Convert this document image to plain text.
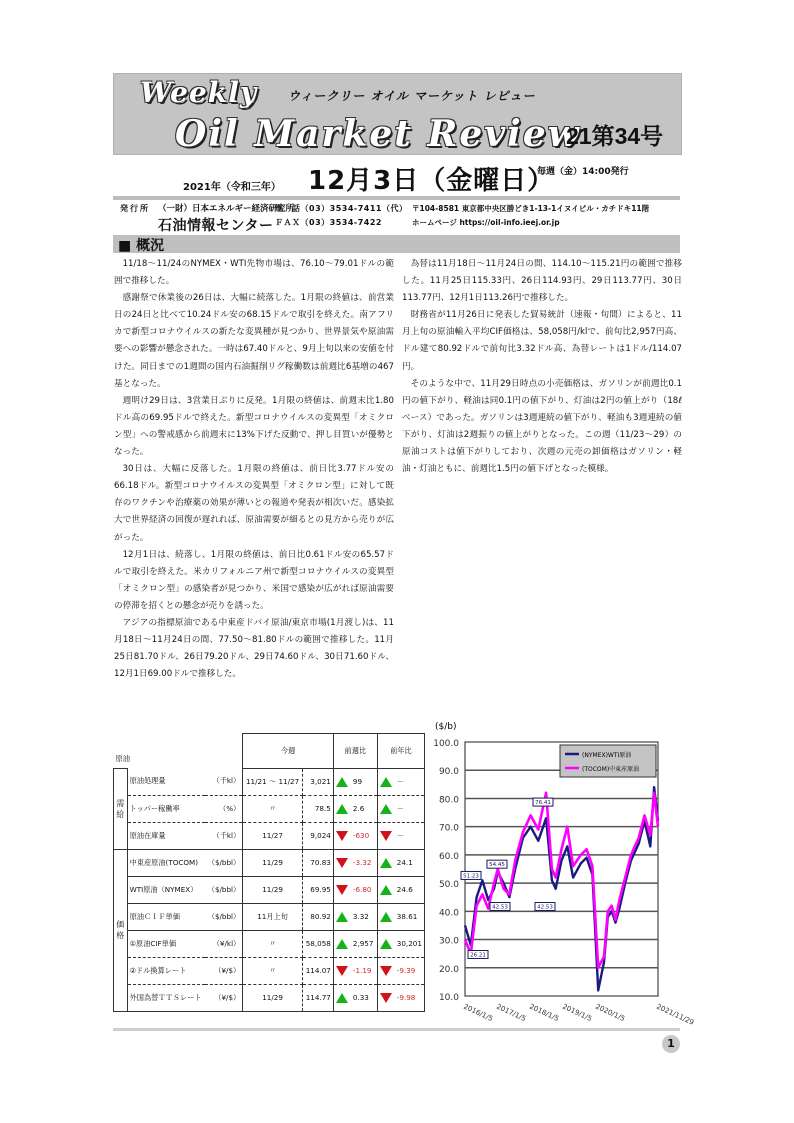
Weekly	ウィークリー オイル マーケット レビュー
Oil Market Review
21第34号
2021年（令和三年） 12月3日（金曜日）
毎週（金）14:00発行
発行所 （一財）日本エネルギー経済研究所
石油情報センター
電　話（03）3534-7411（代）
ＦＡＸ（03）3534-7422
〒104-8581 東京都中央区勝どき1-13-1イヌイビル・カチドキ11階
ホームページ https://oil-info.ieej.or.jp
■ 概況

11/18～11/24のNYMEX・WTI先物市場は、76.10～79.01ドルの範囲で推移した。

感謝祭で休業後の26日は、大幅に続落した。1月限の終値は、前営業日の24日と比べて10.24ドル安の68.15ドルで取引を終えた。南アフリカで新型コロナウイルスの新たな変異種が見つかり、世界景気や原油需要への影響が懸念された。一時は67.40ドルと、9月上旬以来の安値を付けた。同日までの1週間の国内石油掘削リグ稼働数は前週比6基増の467基となった。

週明け29日は、3営業日ぶりに反発。1月限の終値は、前週末比1.80ドル高の69.95ドルで終えた。新型コロナウイルスの変異型「オミクロン型」への警戒感から前週末に13%下げた反動で、押し目買いが優勢となった。

30日は、大幅に反落した。1月限の終値は、前日比3.77ドル安の66.18ドル。新型コロナウイルスの変異型「オミクロン型」に対して既存のワクチンや治療薬の効果が薄いとの報道や発表が相次いだ。感染拡大で世界経済の回復が遅れれば、原油需要が細るとの見方から売りが広がった。

12月1日は、続落し、1月限の終値は、前日比0.61ドル安の65.57ドルで取引を終えた。米カリフォルニア州で新型コロナウイルスの変異型「オミクロン型」の感染者が見つかり、米国で感染が広がれば原油需要の停滞を招くとの懸念が売りを誘った。

アジアの指標原油である中東産ドバイ原油/東京市場(1月渡し)は、11月18日～11月24日の間、77.50～81.80ドルの範囲で推移した。11月25日81.70ドル、26日79.20ドル、29日74.60ドル、30日71.60ドル、12月1日69.00ドルで推移した。

為替は11月18日～11月24日の間、114.10～115.21円の範囲で推移した。11月25日115.33円、26日114.93円、29日113.77円、30日113.77円、12月1日113.26円で推移した。

財務省が11月26日に発表した貿易統計（速報・旬間）によると、11月上旬の原油輸入平均CIF価格は、58,058円/klで、前旬比2,957円高、ドル建て80.92ドルで前旬比3.32ドル高、為替レートは1ドル/114.07円。

そのような中で、11月29日時点の小売価格は、ガソリンが前週比0.1円の値下がり、軽油は同0.1円の値下がり、灯油は2円の値上がり（18ℓベース）であった。ガソリンは3週連続の値下がり、軽油も3週連続の値下がり、灯油は2週振りの値上がりとなった。この週（11/23～29）の原油コストは値下がりしており、次週の元売の卸価格はガソリン・軽油・灯油ともに、前週比1.5円の値下げとなった模様。

原油			今週		前週比	前年比
需給	原油処理量	（千kl）	11/21 ～ 11/27	3,021	99	－
	トッパー稼働率	（%）	〃	78.5	2.6	－
	原油在庫量	（千kl）	11/27	9,024	-630	－
価格	中東産原油(TOCOM)	（$/bbl）	11/29	70.83	-3.32	24.1
	WTI原油（NYMEX）	（$/bbl）	11/29	69.95	-6.80	24.6
	原油ＣＩＦ単価	（$/bbl）	11月上旬	80.92	3.32	38.61
	①原油CIF単価	（¥/kl）	〃	58,058	2,957	30,201
	②ドル換算レート	（¥/$）	〃	114.07	-1.19	-9.39
	外国為替ＴＴＳレート	（¥/$）	11/29	114.77	0.33	-9.98
($/b)
100.0
90.0
80.0
70.0
60.0
50.0
40.0
30.0
20.0
10.0
2016/1/5 2017/1/5 2018/1/5 2019/1/5 2020/1/5	2021/11/29
(NYMEX)WTI原油
(TOCOM)中東産原油
51.23
54.45
76.41
42.53	42.53
26.21
1
